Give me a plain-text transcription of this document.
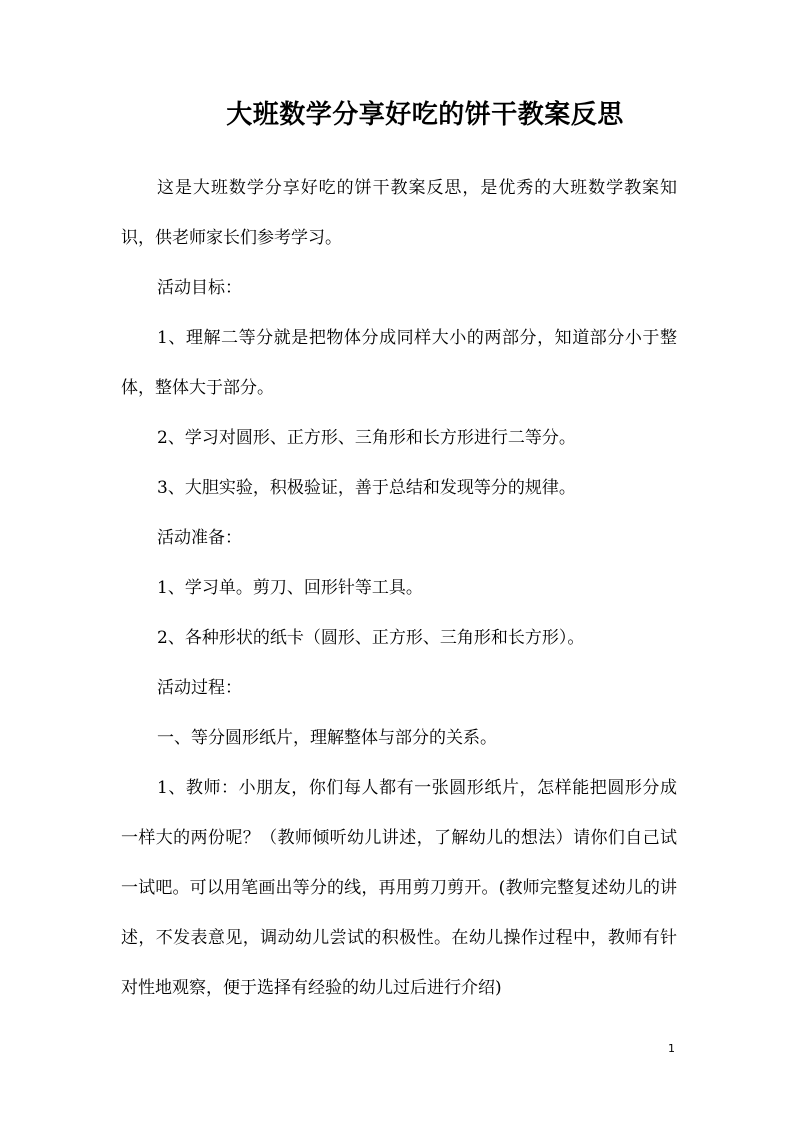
大班数学分享好吃的饼干教案反思

这是大班数学分享好吃的饼干教案反思，是优秀的大班数学教案知识，供老师家长们参考学习。

活动目标：

1、理解二等分就是把物体分成同样大小的两部分，知道部分小于整体，整体大于部分。

2、学习对圆形、正方形、三角形和长方形进行二等分。

3、大胆实验，积极验证，善于总结和发现等分的规律。

活动准备：

1、学习单。剪刀、回形针等工具。

2、各种形状的纸卡（圆形、正方形、三角形和长方形）。

活动过程：

一、等分圆形纸片，理解整体与部分的关系。

1、教师：小朋友，你们每人都有一张圆形纸片，怎样能把圆形分成一样大的两份呢？（教师倾听幼儿讲述，了解幼儿的想法）请你们自己试一试吧。可以用笔画出等分的线，再用剪刀剪开。(教师完整复述幼儿的讲述，不发表意见，调动幼儿尝试的积极性。在幼儿操作过程中，教师有针对性地观察，便于选择有经验的幼儿过后进行介绍)

1
